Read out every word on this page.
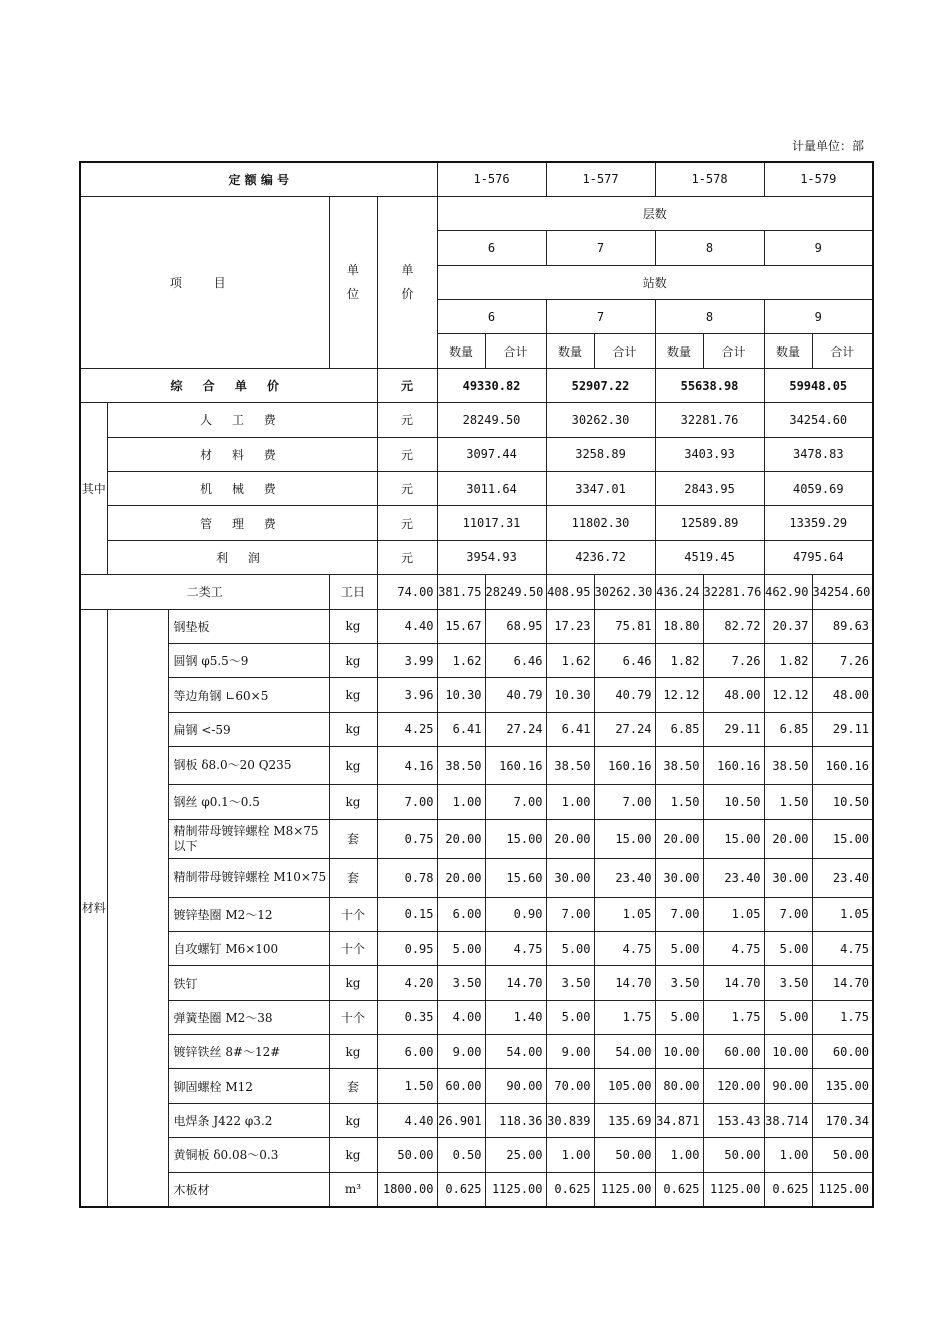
计量单位：部
定 额 编 号					1-576		1-577		1-578		1-579	
项 目			单位	单价	层数							
					6		7		8		9	
					站数							
					6		7		8		9	
					数量	合计	数量	合计	数量	合计	数量	合计
综 合 单 价				元	49330.82		52907.22		55638.98		59948.05	
其中	人 工 费			元	28249.50		30262.30		32281.76		34254.60	
	材 料 费			元	3097.44		3258.89		3403.93		3478.83	
	机 械 费			元	3011.64		3347.01		2843.95		4059.69	
	管 理 费			元	11017.31		11802.30		12589.89		13359.29	
	利 润			元	3954.93		4236.72		4519.45		4795.64	
二类工			工日	74.00	381.75	28249.50	408.95	30262.30	436.24	32281.76	462.90	34254.60
材料		钢垫板	kg	4.40	15.67	68.95	17.23	75.81	18.80	82.72	20.37	89.63
		圆钢 φ5.5～9	kg	3.99	1.62	6.46	1.62	6.46	1.82	7.26	1.82	7.26
		等边角钢 ∟60×5	kg	3.96	10.30	40.79	10.30	40.79	12.12	48.00	12.12	48.00
		扁钢 <-59	kg	4.25	6.41	27.24	6.41	27.24	6.85	29.11	6.85	29.11
		钢板 δ8.0～20 Q235	kg	4.16	38.50	160.16	38.50	160.16	38.50	160.16	38.50	160.16
		钢丝 φ0.1～0.5	kg	7.00	1.00	7.00	1.00	7.00	1.50	10.50	1.50	10.50
		精制带母镀锌螺栓 M8×75以下	套	0.75	20.00	15.00	20.00	15.00	20.00	15.00	20.00	15.00
		精制带母镀锌螺栓 M10×75	套	0.78	20.00	15.60	30.00	23.40	30.00	23.40	30.00	23.40
		镀锌垫圈 M2～12	十个	0.15	6.00	0.90	7.00	1.05	7.00	1.05	7.00	1.05
		自攻螺钉 M6×100	十个	0.95	5.00	4.75	5.00	4.75	5.00	4.75	5.00	4.75
		铁钉	kg	4.20	3.50	14.70	3.50	14.70	3.50	14.70	3.50	14.70
		弹簧垫圈 M2～38	十个	0.35	4.00	1.40	5.00	1.75	5.00	1.75	5.00	1.75
		镀锌铁丝 8#～12#	kg	6.00	9.00	54.00	9.00	54.00	10.00	60.00	10.00	60.00
		铆固螺栓 M12	套	1.50	60.00	90.00	70.00	105.00	80.00	120.00	90.00	135.00
		电焊条 J422 φ3.2	kg	4.40	26.901	118.36	30.839	135.69	34.871	153.43	38.714	170.34
		黄铜板 δ0.08～0.3	kg	50.00	0.50	25.00	1.00	50.00	1.00	50.00	1.00	50.00
		木板材	m³	1800.00	0.625	1125.00	0.625	1125.00	0.625	1125.00	0.625	1125.00
